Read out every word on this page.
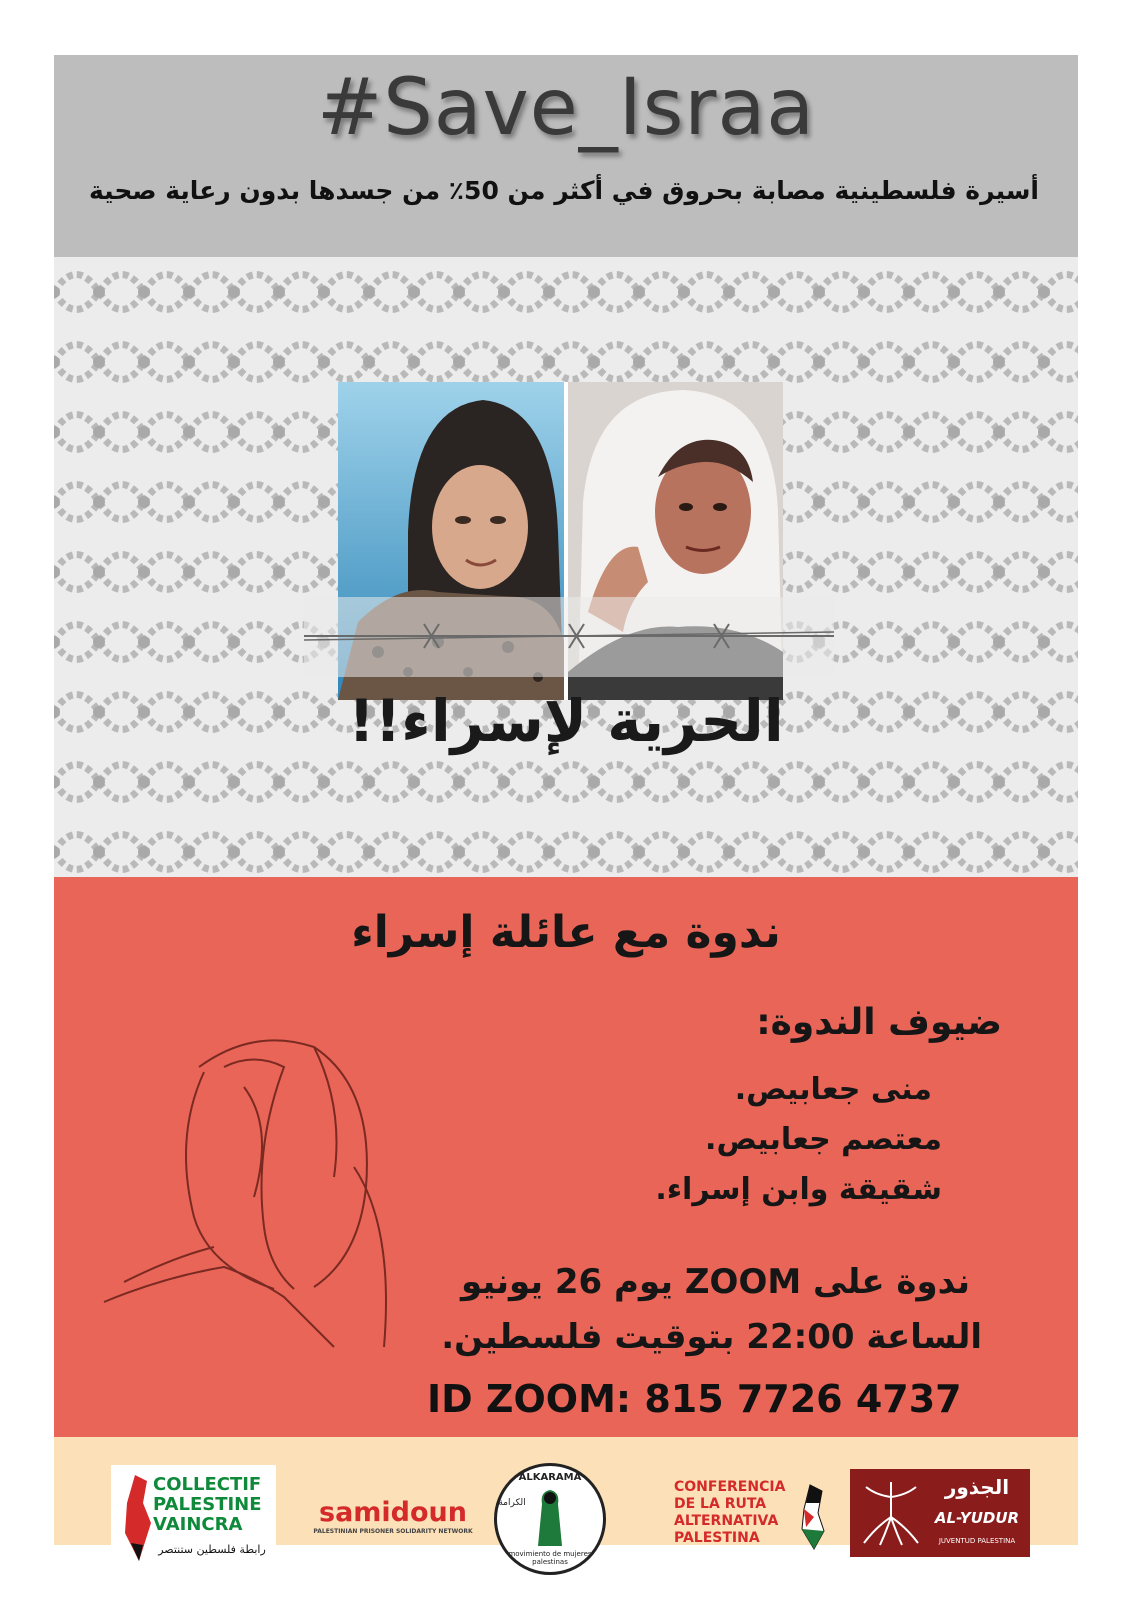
#Save_Israa
أسيرة فلسطينية مصابة بحروق في أكثر من 50٪ من جسدها بدون رعاية صحية
الحرية لإسراء!!
ندوة مع عائلة إسراء
ضيوف الندوة:
منى جعابيص.
معتصم جعابيص.
شقيقة وابن إسراء.
ندوة على ZOOM يوم 26 يونيو
الساعة 22:00 بتوقيت فلسطين.
ID ZOOM: 815 7726 4737
COLLECTIF
PALESTINE
VAINCRA
رابطة فلسطين ستنتصر
samidoun
PALESTINIAN PRISONER SOLIDARITY NETWORK
ALKARAMA
الكرامة
movimiento de mujeres palestinas
CONFERENCIA
DE LA RUTA
ALTERNATIVA
PALESTINA
الجذور
AL-YUDUR
JUVENTUD PALESTINA
